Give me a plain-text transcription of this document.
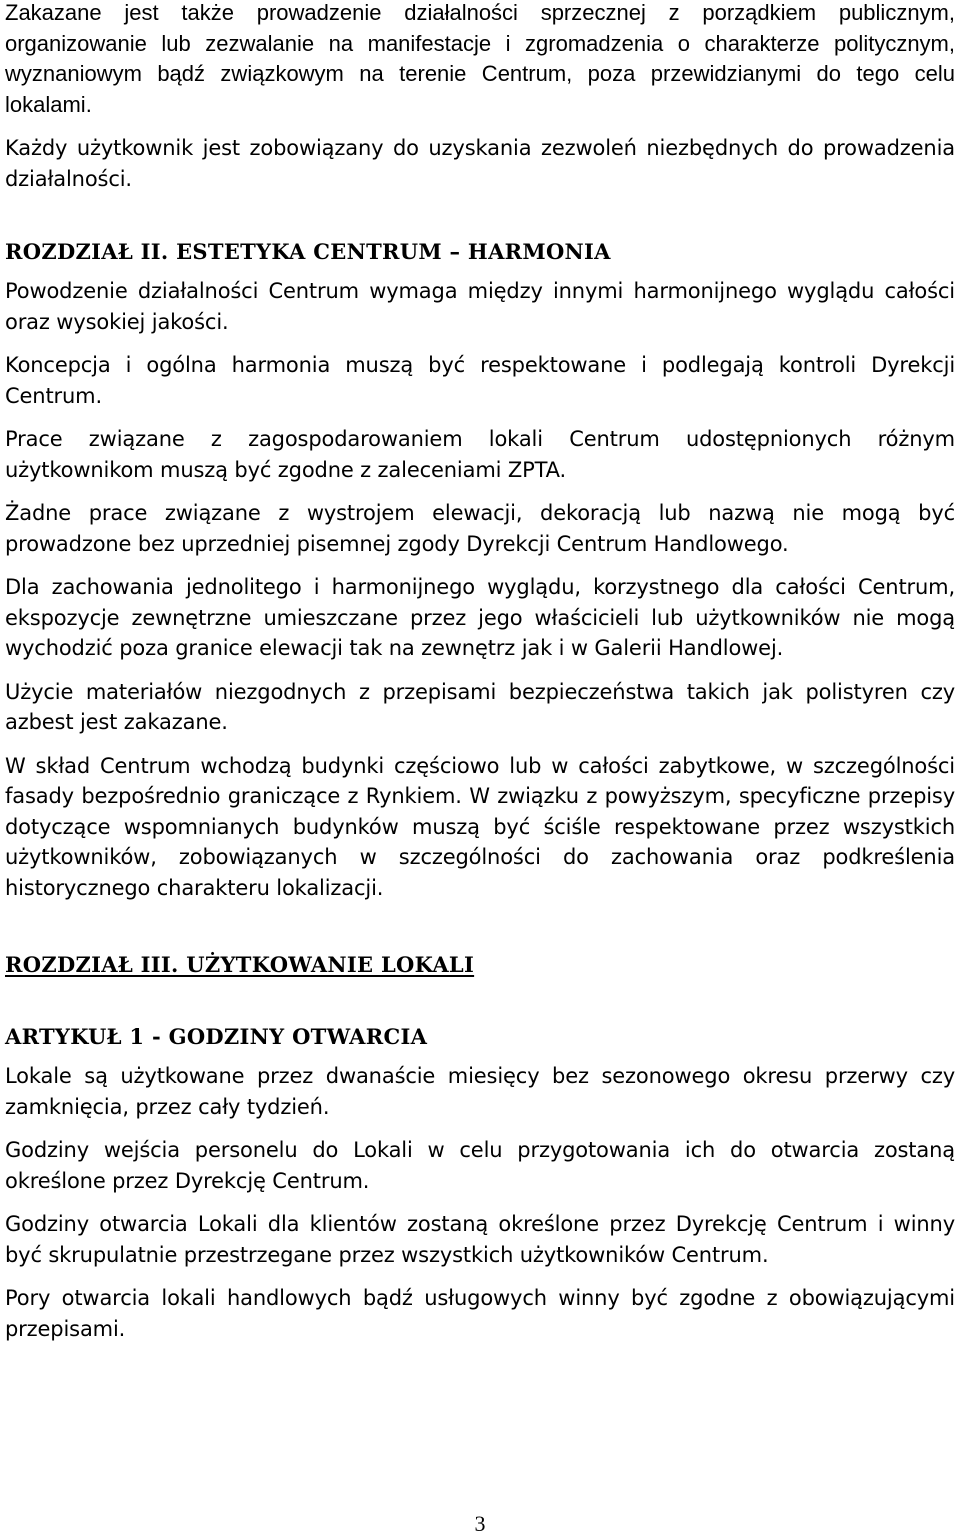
Zakazane jest także prowadzenie działalności sprzecznej z porządkiem publicznym, organizowanie lub zezwalanie na manifestacje i zgromadzenia o charakterze politycznym, wyznaniowym bądź związkowym na terenie Centrum, poza przewidzianymi do tego celu lokalami.

Każdy użytkownik jest zobowiązany do uzyskania zezwoleń niezbędnych do prowadzenia działalności.

ROZDZIAŁ II. ESTETYKA CENTRUM – HARMONIA

Powodzenie działalności Centrum wymaga między innymi harmonijnego wyglądu całości oraz wysokiej jakości.

Koncepcja i ogólna harmonia muszą być respektowane i podlegają kontroli Dyrekcji Centrum.

Prace związane z zagospodarowaniem lokali Centrum udostępnionych różnym użytkownikom muszą być zgodne z zaleceniami ZPTA.

Żadne prace związane z wystrojem elewacji, dekoracją lub nazwą nie mogą być prowadzone bez uprzedniej pisemnej zgody Dyrekcji Centrum Handlowego.

Dla zachowania jednolitego i harmonijnego wyglądu, korzystnego dla całości Centrum, ekspozycje zewnętrzne umieszczane przez jego właścicieli lub użytkowników nie mogą wychodzić poza granice elewacji tak na zewnętrz jak i w Galerii Handlowej.

Użycie materiałów niezgodnych z przepisami bezpieczeństwa takich jak polistyren czy azbest jest zakazane.

W skład Centrum wchodzą budynki częściowo lub w całości zabytkowe, w szczególności fasady bezpośrednio graniczące z Rynkiem. W związku z powyższym, specyficzne przepisy dotyczące wspomnianych budynków muszą być ściśle respektowane przez wszystkich użytkowników, zobowiązanych w szczególności do zachowania oraz podkreślenia historycznego charakteru lokalizacji.

ROZDZIAŁ III. UŻYTKOWANIE LOKALI
ARTYKUŁ 1 - GODZINY OTWARCIA

Lokale są użytkowane przez dwanaście miesięcy bez sezonowego okresu przerwy czy zamknięcia, przez cały tydzień.

Godziny wejścia personelu do Lokali w celu przygotowania ich do otwarcia zostaną określone przez Dyrekcję Centrum.

Godziny otwarcia Lokali dla klientów zostaną określone przez Dyrekcję Centrum i winny być skrupulatnie przestrzegane przez wszystkich użytkowników Centrum.

Pory otwarcia lokali handlowych bądź usługowych winny być zgodne z obowiązującymi przepisami.

3
